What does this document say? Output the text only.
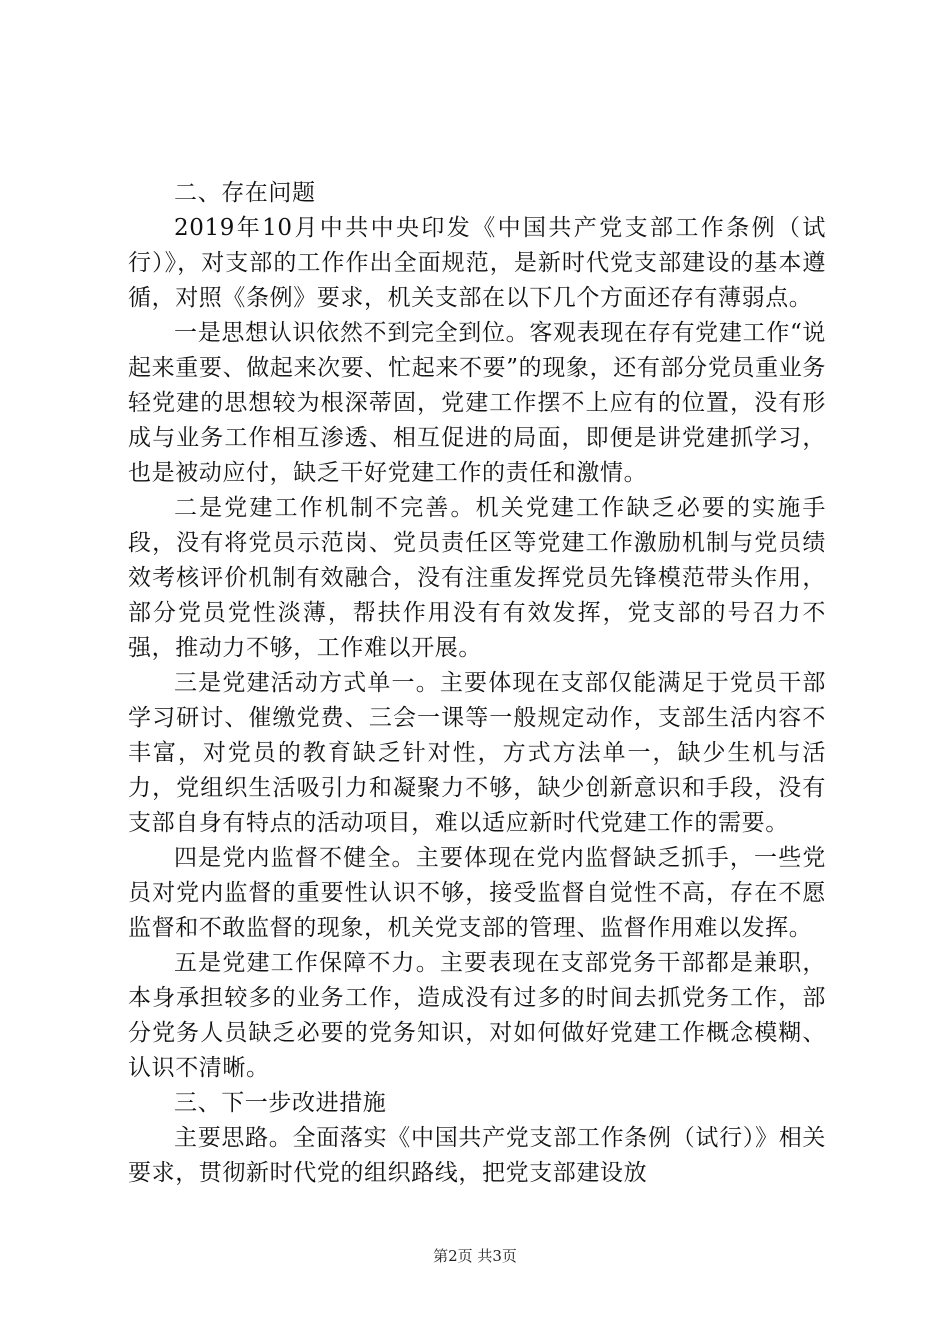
二、存在问题

2019年10月中共中央印发《中国共产党支部工作条例（试行）》，对支部的工作作出全面规范，是新时代党支部建设的基本遵循，对照《条例》要求，机关支部在以下几个方面还存有薄弱点。

一是思想认识依然不到完全到位。客观表现在存有党建工作“说起来重要、做起来次要、忙起来不要”的现象，还有部分党员重业务轻党建的思想较为根深蒂固，党建工作摆不上应有的位置，没有形成与业务工作相互渗透、相互促进的局面，即便是讲党建抓学习，也是被动应付，缺乏干好党建工作的责任和激情。

二是党建工作机制不完善。机关党建工作缺乏必要的实施手段，没有将党员示范岗、党员责任区等党建工作激励机制与党员绩效考核评价机制有效融合，没有注重发挥党员先锋模范带头作用，部分党员党性淡薄，帮扶作用没有有效发挥，党支部的号召力不强，推动力不够，工作难以开展。

三是党建活动方式单一。主要体现在支部仅能满足于党员干部学习研讨、催缴党费、三会一课等一般规定动作，支部生活内容不丰富，对党员的教育缺乏针对性，方式方法单一，缺少生机与活力，党组织生活吸引力和凝聚力不够，缺少创新意识和手段，没有支部自身有特点的活动项目，难以适应新时代党建工作的需要。

四是党内监督不健全。主要体现在党内监督缺乏抓手，一些党员对党内监督的重要性认识不够，接受监督自觉性不高，存在不愿监督和不敢监督的现象，机关党支部的管理、监督作用难以发挥。

五是党建工作保障不力。主要表现在支部党务干部都是兼职，本身承担较多的业务工作，造成没有过多的时间去抓党务工作，部分党务人员缺乏必要的党务知识，对如何做好党建工作概念模糊、认识不清晰。

三、下一步改进措施

主要思路。全面落实《中国共产党支部工作条例（试行）》相关要求，贯彻新时代党的组织路线，把党支部建设放

第2页 共3页
